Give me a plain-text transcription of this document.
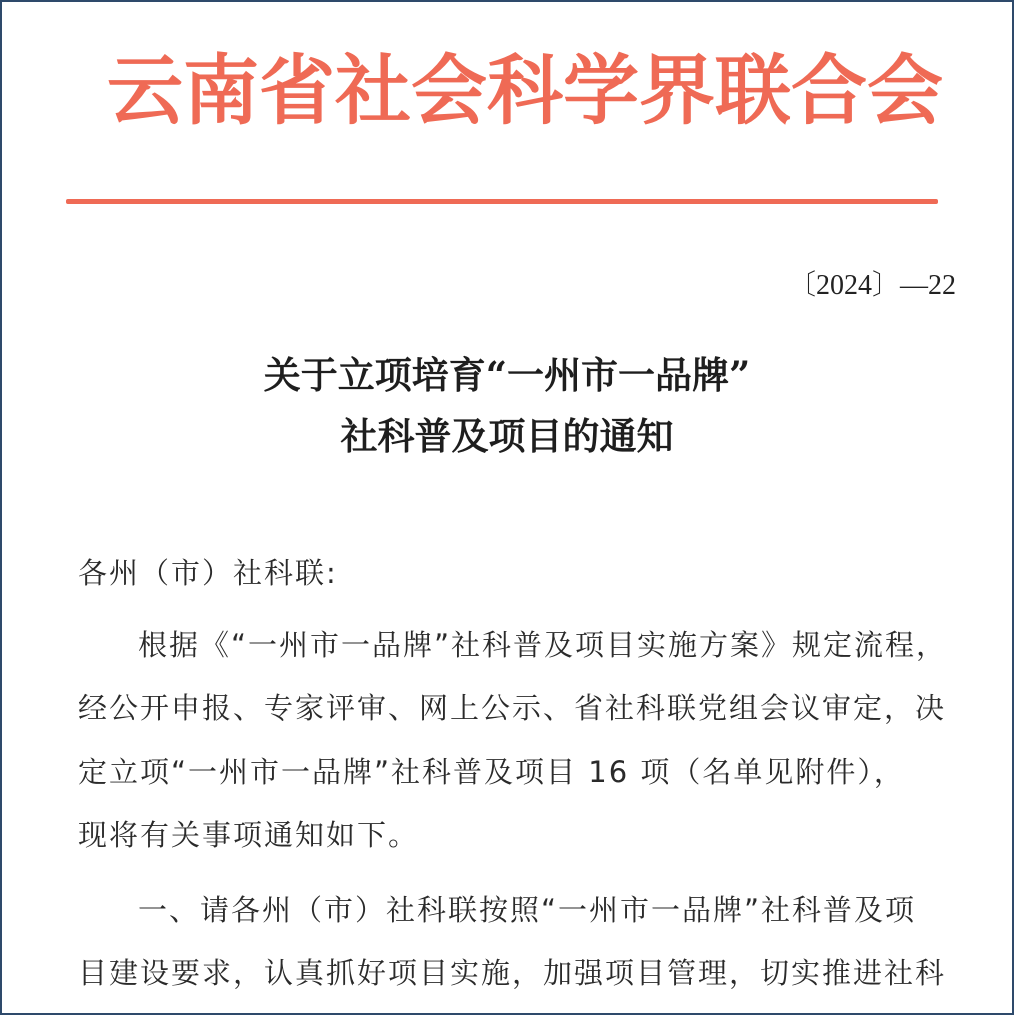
云南省社会科学界联合会
〔2024〕—22
关于立项培育“一州市一品牌”
社科普及项目的通知
各州（市）社科联:
根据《“一州市一品牌”社科普及项目实施方案》规定流程，
经公开申报、专家评审、网上公示、省社科联党组会议审定，决
定立项“一州市一品牌”社科普及项目 16 项（名单见附件），
现将有关事项通知如下。
一、请各州（市）社科联按照“一州市一品牌”社科普及项
目建设要求，认真抓好项目实施，加强项目管理，切实推进社科
